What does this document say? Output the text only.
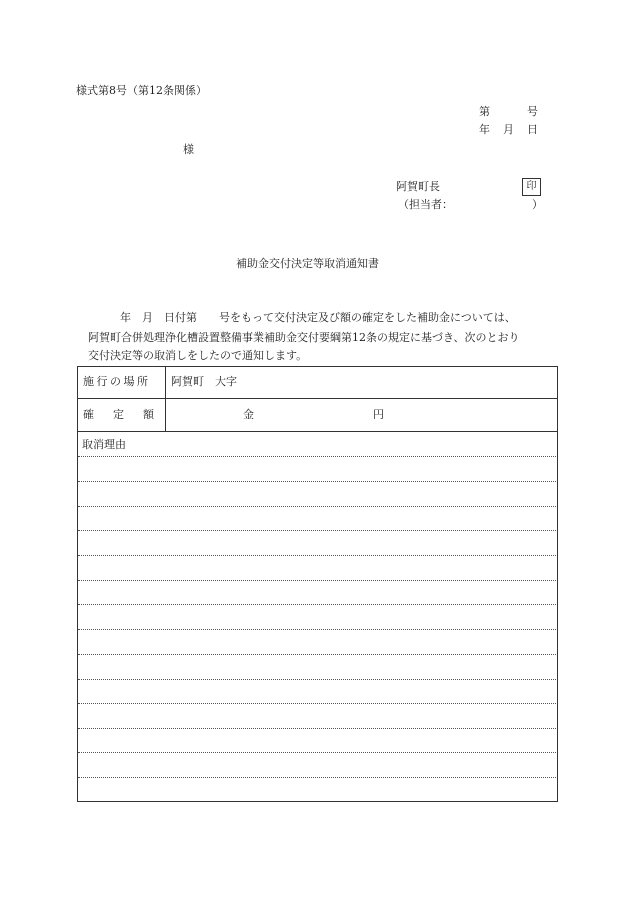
様式第8号（第12条関係）
第	号
年 月 日
様
阿賀町長	印
（担当者：	）
補助金交付決定等取消通知書
年　月　日付第　　号をもって交付決定及び額の確定をした補助金については、
阿賀町合併処理浄化槽設置整備事業補助金交付要綱第12条の規定に基づき、次のとおり
交付決定等の取消しをしたので通知します。
施行の場所 阿賀町　大字
確　定　額	金	円
取消理由
